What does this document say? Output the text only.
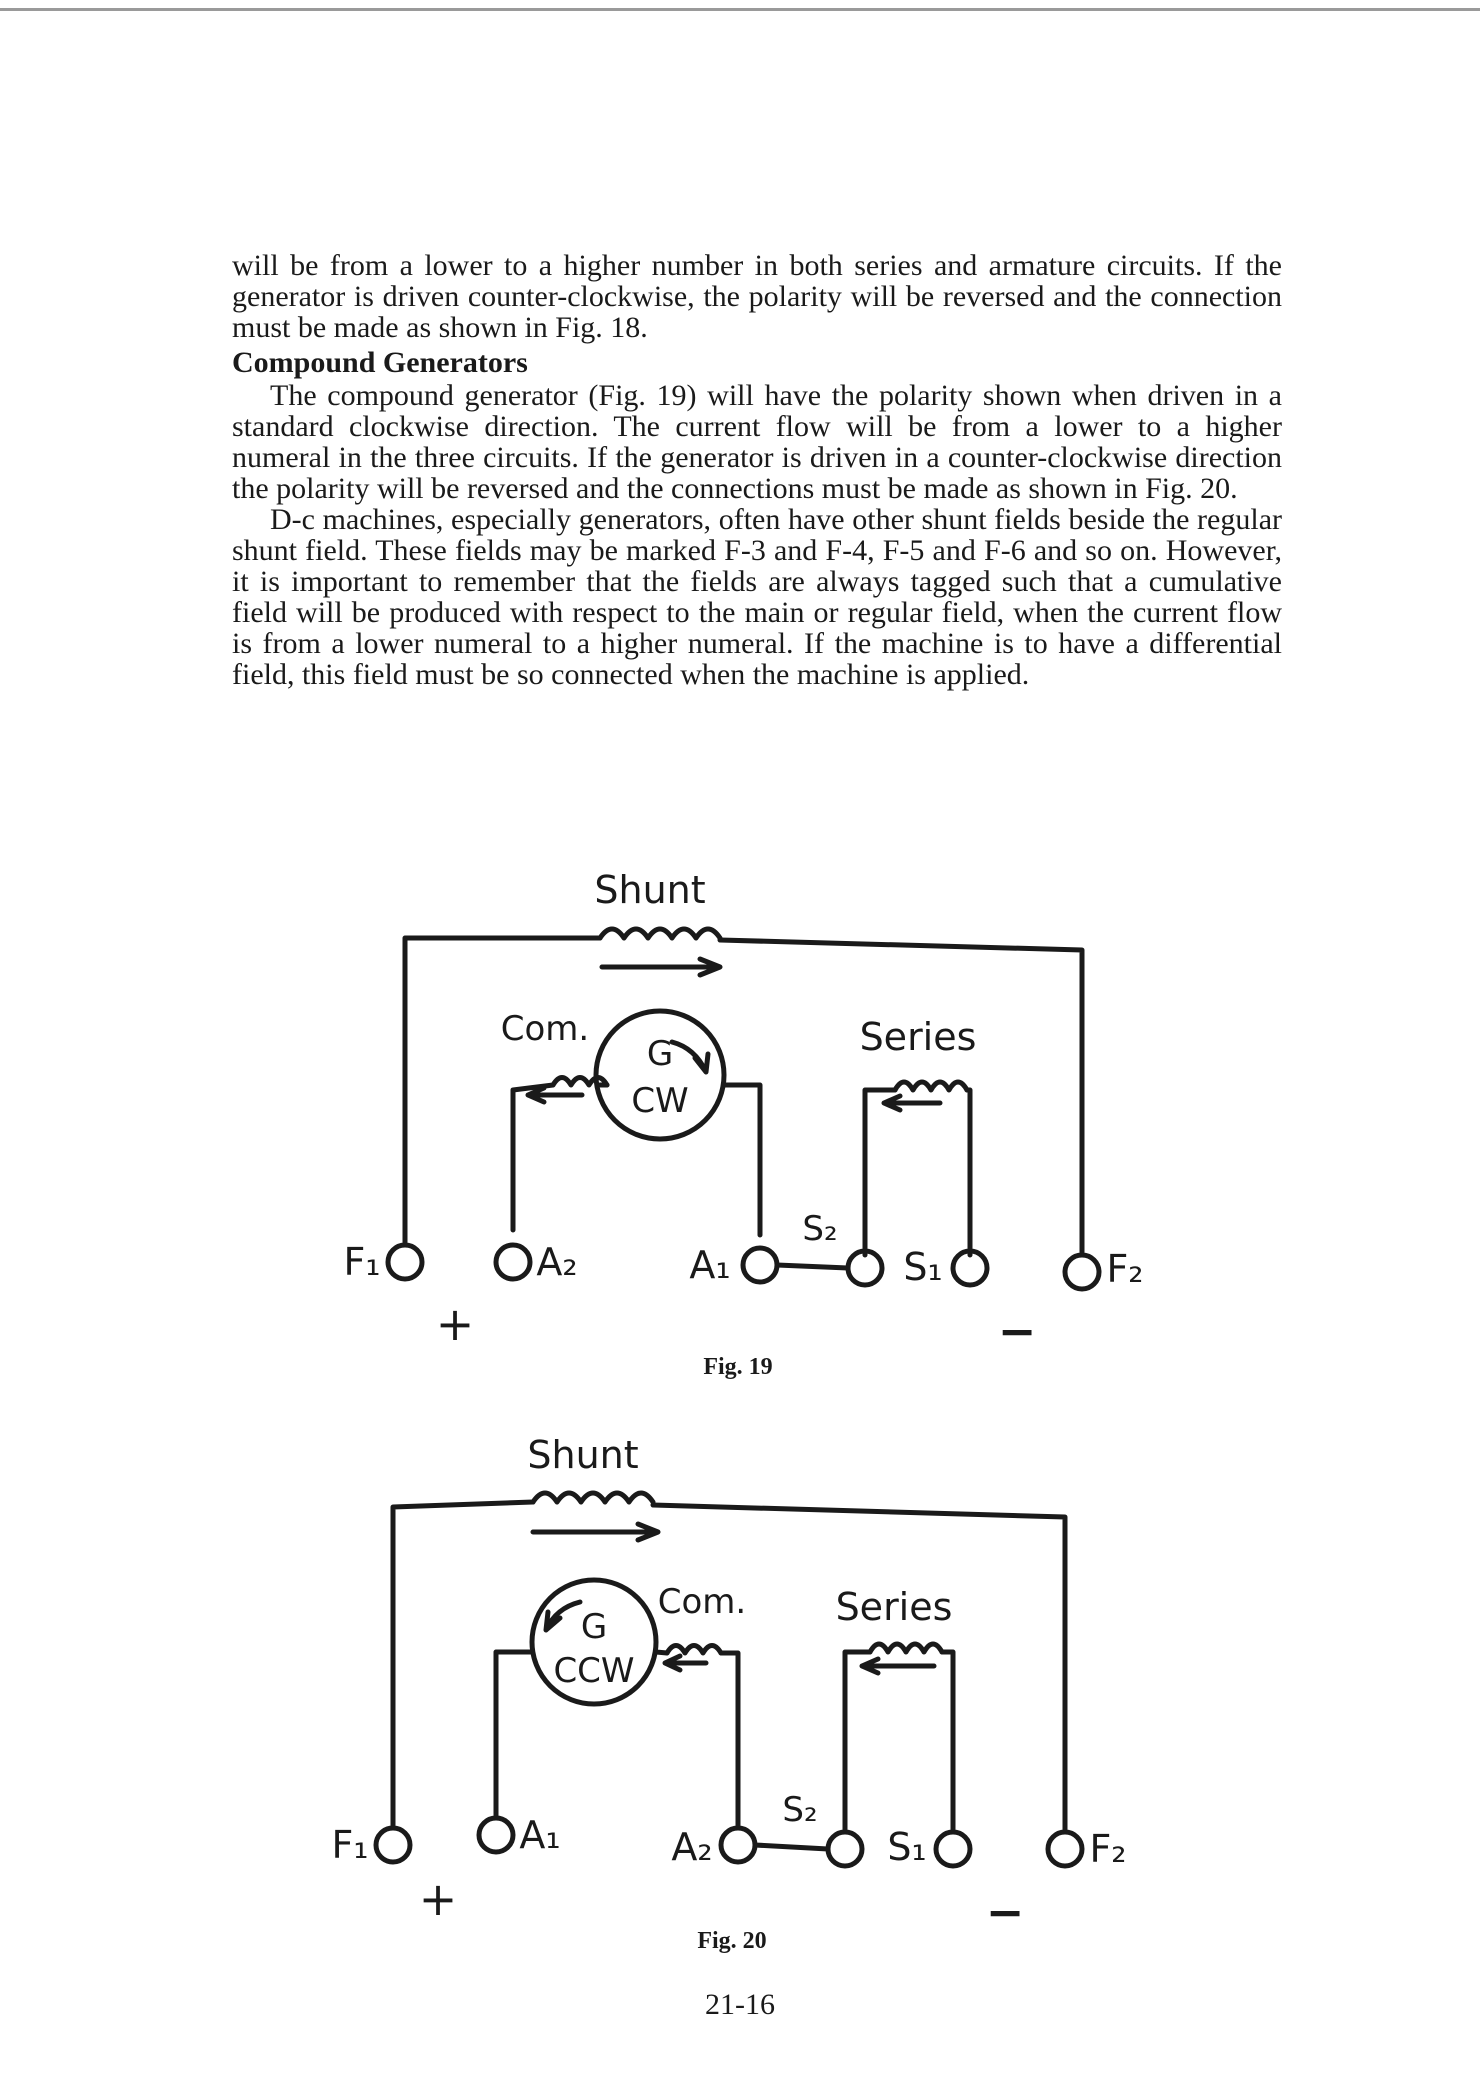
will be from a lower to a higher number in both series and armature circuits. If the generator is driven counter-clockwise, the polarity will be reversed and the connection must be made as shown in Fig. 18.

Compound Generators

The compound generator (Fig. 19) will have the polarity shown when driven in a standard clockwise direction. The current flow will be from a lower to a higher numeral in the three circuits. If the generator is driven in a counter-clockwise direction the polarity will be reversed and the connections must be made as shown in Fig. 20.

D-c machines, especially generators, often have other shunt fields beside the regular shunt field. These fields may be marked F-3 and F-4, F-5 and F-6 and so on. However, it is important to remember that the fields are always tagged such that a cumulative field will be produced with respect to the main or regular field, when the current flow is from a lower numeral to a higher numeral. If the machine is to have a differential field, this field must be so connected when the machine is applied.

Shunt
Com.
G
CW
Series
F₁	A₂	A₁
S₂
S₁	F₂
+	−
Fig. 19
Shunt
G
CCW
Com. Series
F₁	A₁	A₂
S₂
S₁	F₂
+	−
Fig. 20
21-16
